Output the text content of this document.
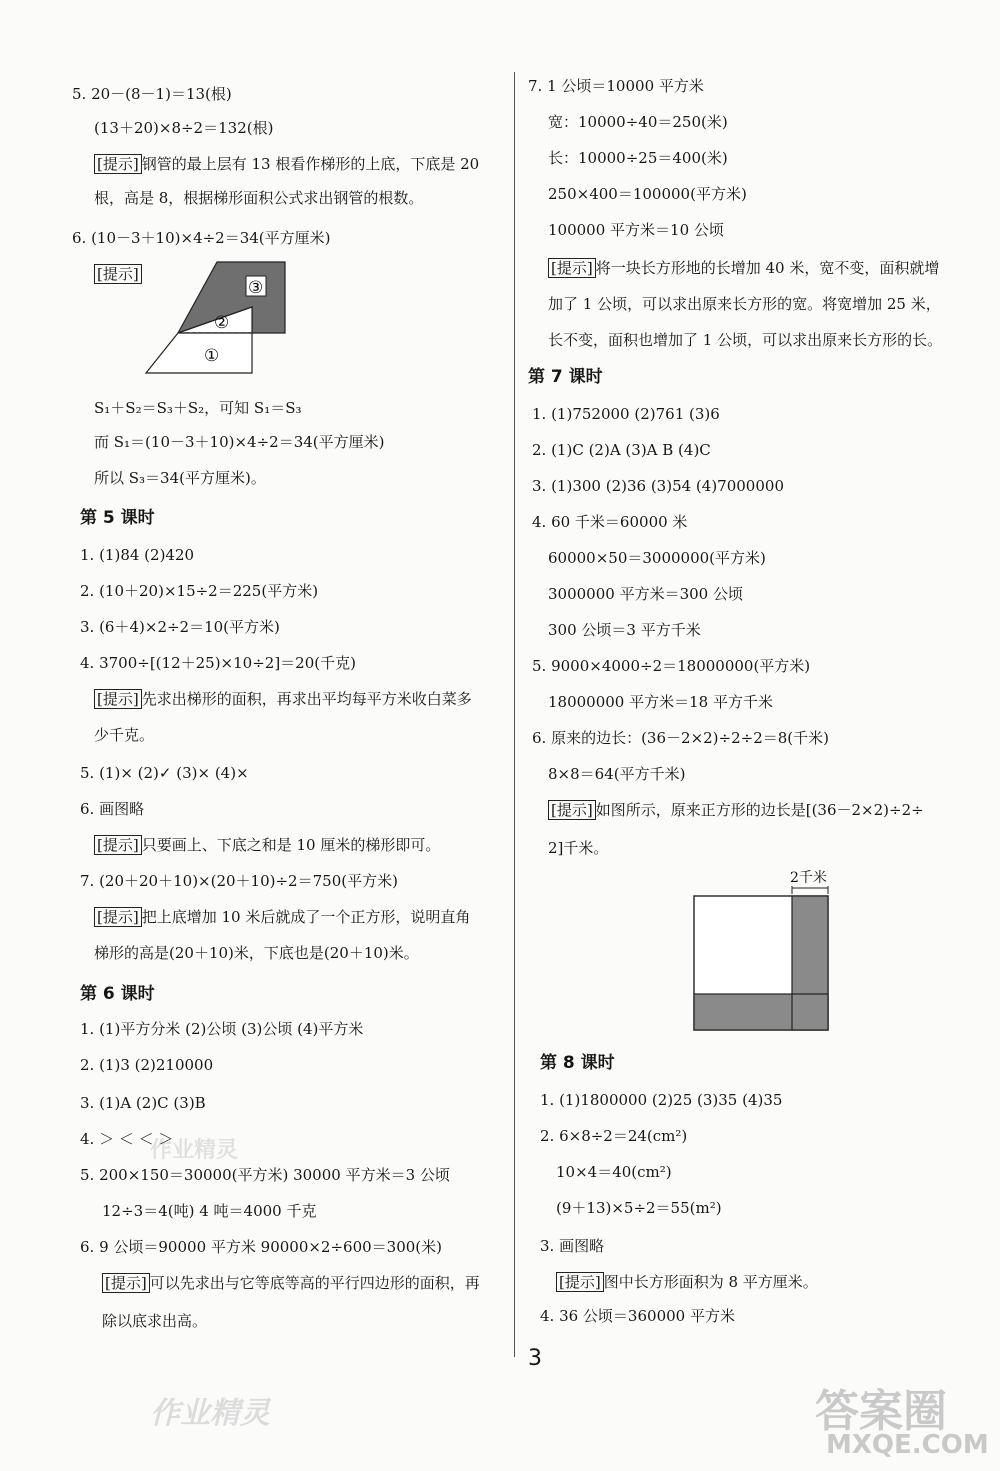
③
②
①
2千米
3
作业精灵
作业精灵	答案圈
MXQE.COM
5. 20－(8－1)＝13(根)
(13＋20)×8÷2＝132(根)
[提示] 钢管的最上层有 13 根看作梯形的上底，下底是 20
根，高是 8，根据梯形面积公式求出钢管的根数。
6. (10－3＋10)×4÷2＝34(平方厘米)
[提示]
S₁＋S₂＝S₃＋S₂，可知 S₁＝S₃
而 S₁＝(10－3＋10)×4÷2＝34(平方厘米)
所以 S₃＝34(平方厘米)。
1. (1)84 (2)420
2. (10＋20)×15÷2＝225(平方米)
3. (6＋4)×2÷2＝10(平方米)
4. 3700÷[(12＋25)×10÷2]＝20(千克)
[提示] 先求出梯形的面积，再求出平均每平方米收白菜多
少千克。
5. (1)× (2)✓ (3)× (4)×
6. 画图略
[提示] 只要画上、下底之和是 10 厘米的梯形即可。
7. (20＋20＋10)×(20＋10)÷2＝750(平方米)
[提示] 把上底增加 10 米后就成了一个正方形，说明直角
梯形的高是(20＋10)米，下底也是(20＋10)米。
1. (1)平方分米 (2)公顷 (3)公顷 (4)平方米
2. (1)3 (2)210000
3. (1)A (2)C (3)B
4. ＞ ＜ ＜ ＞
5. 200×150＝30000(平方米) 30000 平方米＝3 公顷
12÷3＝4(吨) 4 吨＝4000 千克
6. 9 公顷＝90000 平方米 90000×2÷600＝300(米)
[提示] 可以先求出与它等底等高的平行四边形的面积，再
除以底求出高。
第 5 课时
第 6 课时
7. 1 公顷＝10000 平方米
宽：10000÷40＝250(米)
长：10000÷25＝400(米)
250×400＝100000(平方米)
100000 平方米＝10 公顷
[提示] 将一块长方形地的长增加 40 米，宽不变，面积就增
加了 1 公顷，可以求出原来长方形的宽。将宽增加 25 米，
长不变，面积也增加了 1 公顷，可以求出原来长方形的长。
1. (1)752000 (2)761 (3)6
2. (1)C (2)A (3)A B (4)C
3. (1)300 (2)36 (3)54 (4)7000000
4. 60 千米＝60000 米
60000×50＝3000000(平方米)
3000000 平方米＝300 公顷
300 公顷＝3 平方千米
5. 9000×4000÷2＝18000000(平方米)
18000000 平方米＝18 平方千米
6. 原来的边长：(36－2×2)÷2÷2＝8(千米)
8×8＝64(平方千米)
[提示] 如图所示，原来正方形的边长是[(36－2×2)÷2÷
2]千米。
1. (1)1800000 (2)25 (3)35 (4)35
2. 6×8÷2＝24(cm²)
10×4＝40(cm²)
(9＋13)×5÷2＝55(m²)
3. 画图略
[提示] 图中长方形面积为 8 平方厘米。
4. 36 公顷＝360000 平方米
第 7 课时
第 8 课时
